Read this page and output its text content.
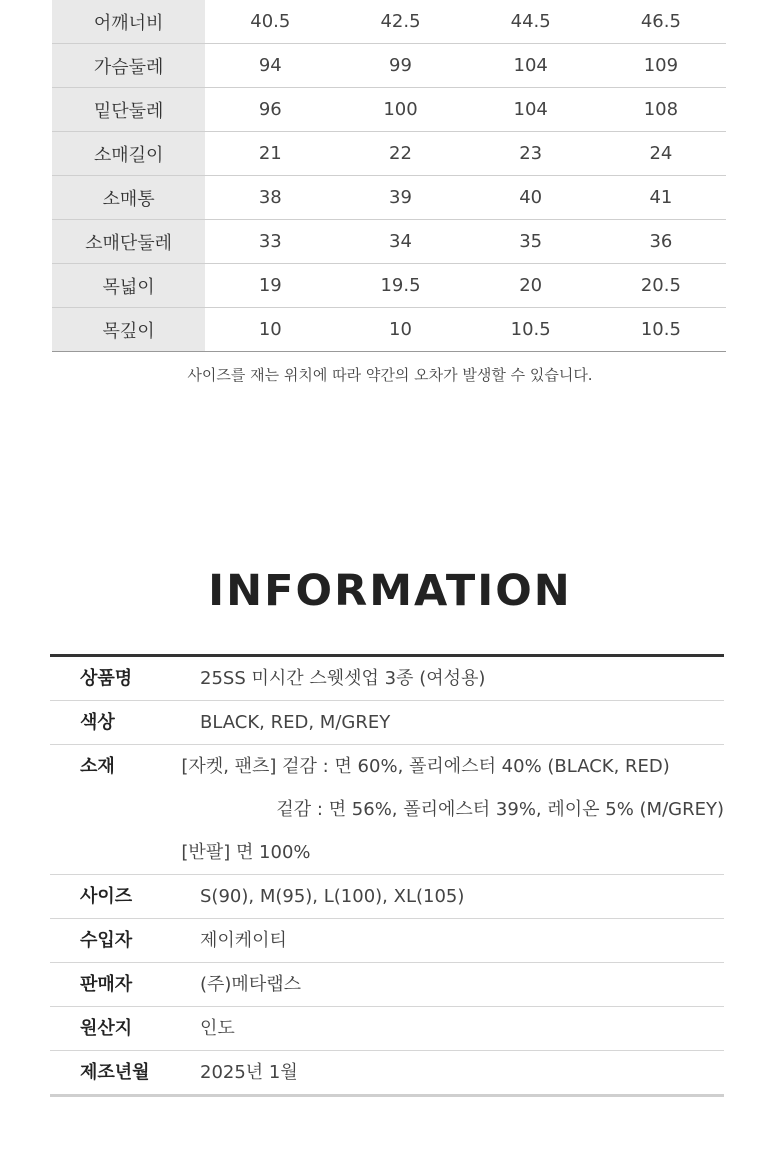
어깨너비	40.5	42.5	44.5	46.5
가슴둘레	94	99	104	109
밑단둘레	96	100	104	108
소매길이	21	22	23	24
소매통	38	39	40	41
소매단둘레	33	34	35	36
목넓이	19	19.5	20	20.5
목깊이	10	10	10.5	10.5
사이즈를 재는 위치에 따라 약간의 오차가 발생할 수 있습니다.
INFORMATION
상품명	25SS 미시간 스웻셋업 3종 (여성용)
색상	BLACK, RED, M/GREY
소재	[자켓, 팬츠] 겉감 : 면 60%, 폴리에스터 40% (BLACK, RED)
겉감 : 면 56%, 폴리에스터 39%, 레이온 5% (M/GREY)
[반팔] 면 100%
사이즈	S(90), M(95), L(100), XL(105)
수입자	제이케이티
판매자	(주)메타랩스
원산지	인도
제조년월	2025년 1월
